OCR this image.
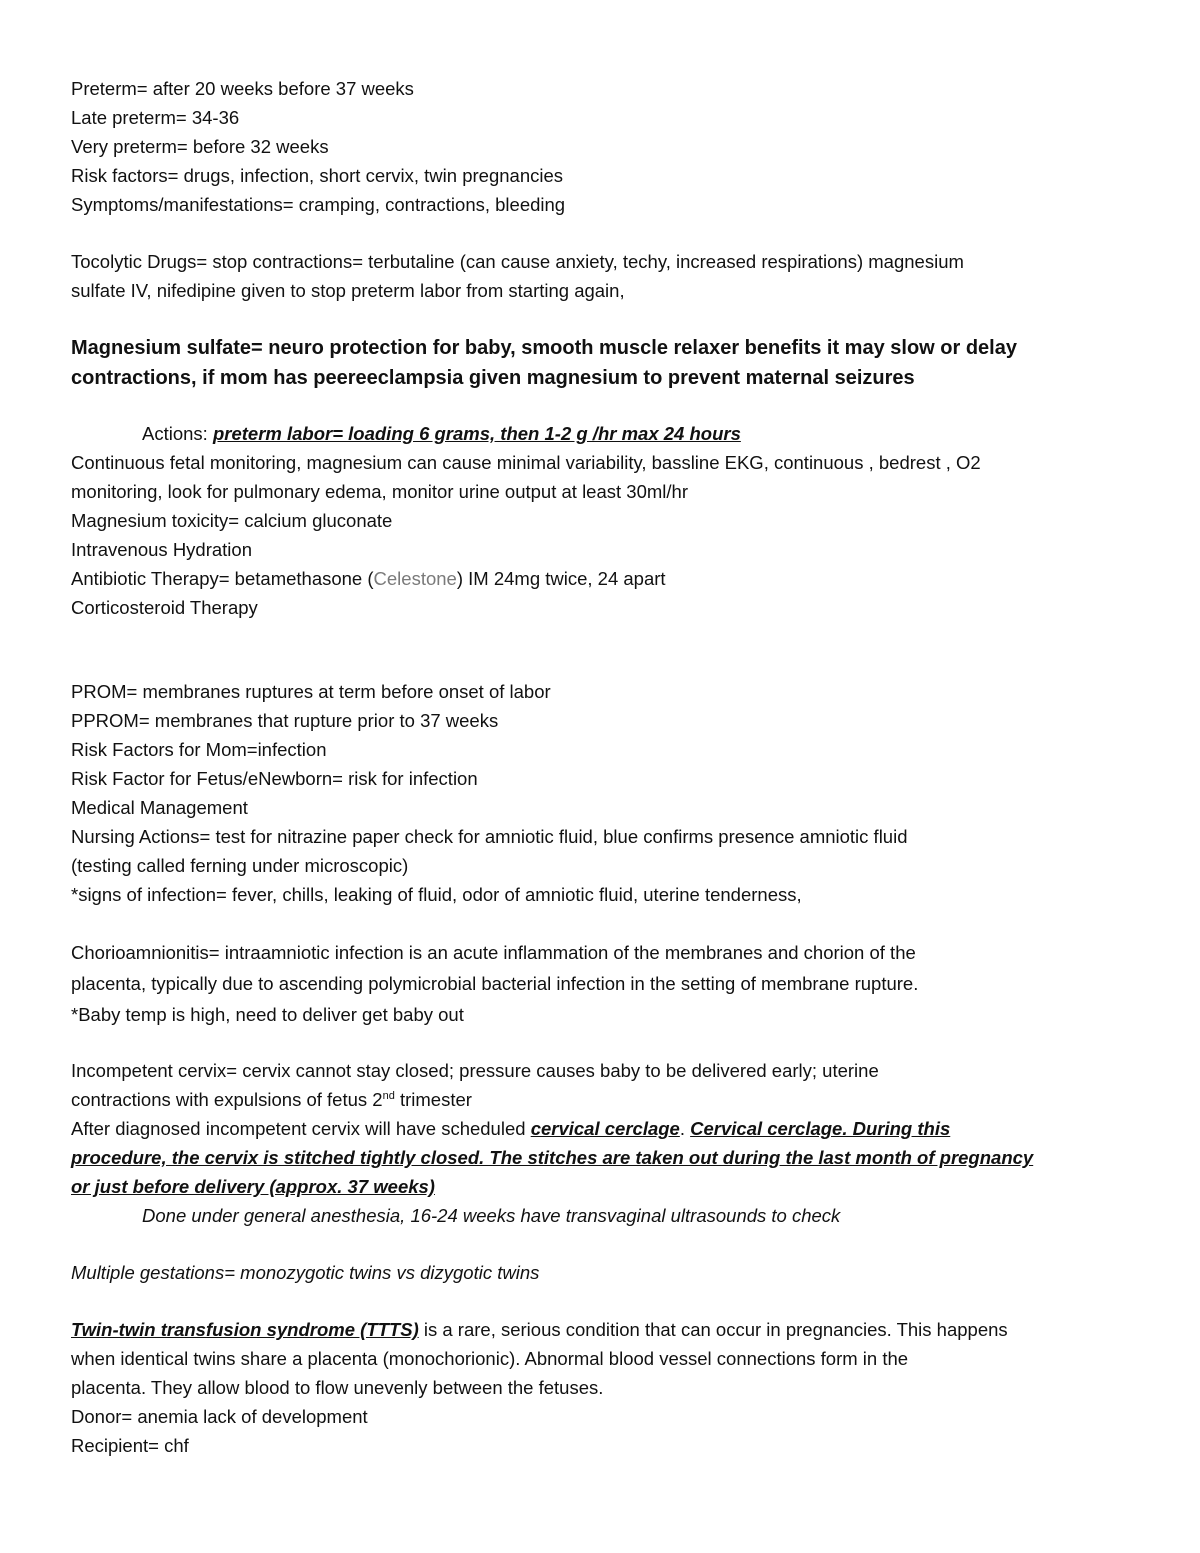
Preterm= after 20 weeks before 37 weeks
Late preterm= 34-36
Very preterm= before 32 weeks
Risk factors= drugs, infection, short cervix, twin pregnancies
Symptoms/manifestations= cramping, contractions, bleeding
Tocolytic Drugs= stop contractions= terbutaline (can cause anxiety, techy, increased respirations) magnesium
sulfate IV, nifedipine given to stop preterm labor from starting again,
Magnesium sulfate= neuro protection for baby, smooth muscle relaxer benefits it may slow or delay
contractions, if mom has peereeclampsia given magnesium to prevent maternal seizures
Actions: preterm labor= loading 6 grams, then 1-2 g /hr max 24 hours
Continuous fetal monitoring, magnesium can cause minimal variability, bassline EKG, continuous , bedrest , O2
monitoring, look for pulmonary edema, monitor urine output at least 30ml/hr
Magnesium toxicity= calcium gluconate
Intravenous Hydration
Antibiotic Therapy= betamethasone (Celestone) IM 24mg twice, 24 apart
Corticosteroid Therapy
PROM= membranes ruptures at term before onset of labor
PPROM= membranes that rupture prior to 37 weeks
Risk Factors for Mom=infection
Risk Factor for Fetus/eNewborn= risk for infection
Medical Management
Nursing Actions= test for nitrazine paper check for amniotic fluid, blue confirms presence amniotic fluid
(testing called ferning under microscopic)
*signs of infection= fever, chills, leaking of fluid, odor of amniotic fluid, uterine tenderness,
Chorioamnionitis= intraamniotic infection is an acute inflammation of the membranes and chorion of the
placenta, typically due to ascending polymicrobial bacterial infection in the setting of membrane rupture.
*Baby temp is high, need to deliver get baby out
Incompetent cervix= cervix cannot stay closed; pressure causes baby to be delivered early; uterine
contractions with expulsions of fetus 2nd trimester
After diagnosed incompetent cervix will have scheduled cervical cerclage. Cervical cerclage. During this
procedure, the cervix is stitched tightly closed. The stitches are taken out during the last month of pregnancy
or just before delivery (approx. 37 weeks)
Done under general anesthesia, 16-24 weeks have transvaginal ultrasounds to check
Multiple gestations= monozygotic twins vs dizygotic twins
Twin-twin transfusion syndrome (TTTS) is a rare, serious condition that can occur in pregnancies. This happens
when identical twins share a placenta (monochorionic). Abnormal blood vessel connections form in the
placenta. They allow blood to flow unevenly between the fetuses.
Donor= anemia lack of development
Recipient= chf
